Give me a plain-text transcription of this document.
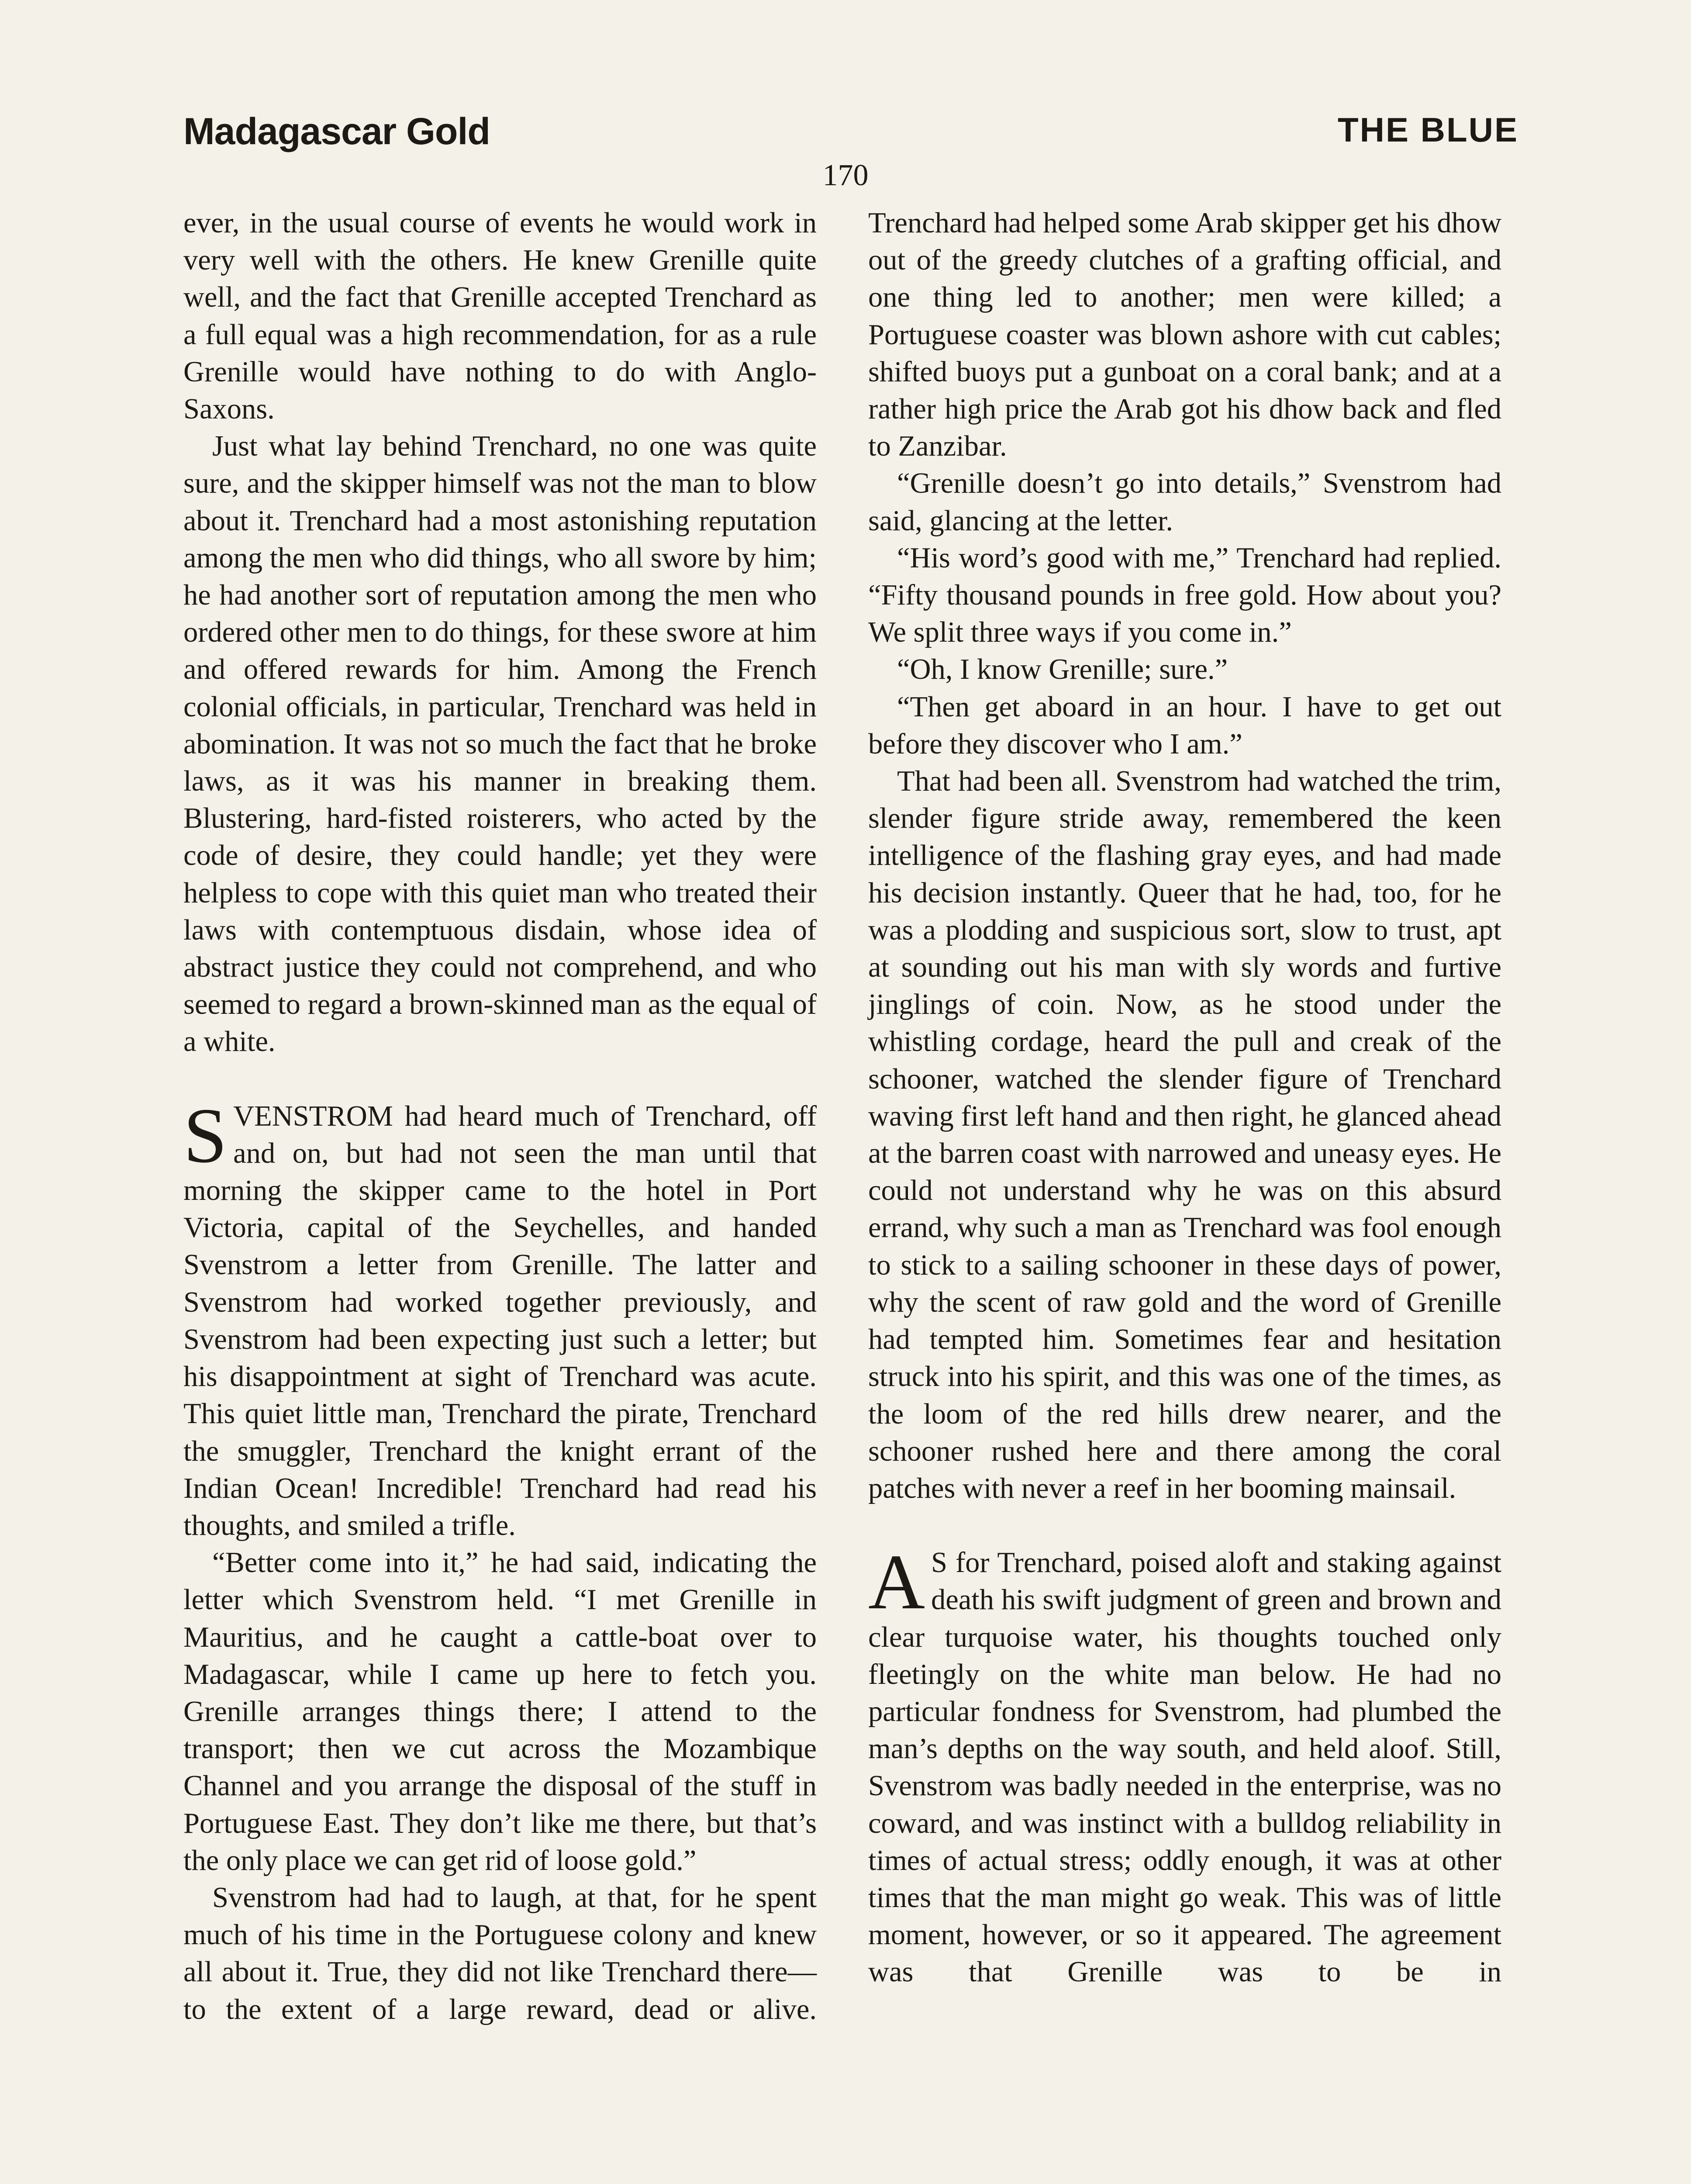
Madagascar Gold	THE BLUE
170

ever, in the usual course of events he would work in very well with the others. He knew Grenille quite well, and the fact that Grenille accepted Trenchard as a full equal was a high recommendation, for as a rule Grenille would have nothing to do with Anglo-Saxons.

Just what lay behind Trenchard, no one was quite sure, and the skipper himself was not the man to blow about it. Trenchard had a most astonishing reputation among the men who did things, who all swore by him; he had another sort of reputation among the men who ordered other men to do things, for these swore at him and offered rewards for him. Among the French colonial officials, in particular, Trenchard was held in abomination. It was not so much the fact that he broke laws, as it was his manner in breaking them. Blustering, hard-fisted roisterers, who acted by the code of desire, they could handle; yet they were helpless to cope with this quiet man who treated their laws with contemptuous disdain, whose idea of abstract justice they could not comprehend, and who seemed to regard a brown-skinned man as the equal of a white.

SVENSTROM had heard much of Trenchard, off and on, but had not seen the man until that morning the skipper came to the hotel in Port Victoria, capital of the Seychelles, and handed Svenstrom a letter from Grenille. The latter and Svenstrom had worked together previously, and Svenstrom had been expecting just such a letter; but his disappointment at sight of Trenchard was acute. This quiet little man, Trenchard the pirate, Trenchard the smuggler, Trenchard the knight errant of the Indian Ocean! Incredible! Trenchard had read his thoughts, and smiled a trifle.

“Better come into it,” he had said, indicating the letter which Svenstrom held. “I met Grenille in Mauritius, and he caught a cattle-boat over to Madagascar, while I came up here to fetch you. Grenille arranges things there; I attend to the transport; then we cut across the Mozambique Channel and you arrange the disposal of the stuff in Portuguese East. They don’t like me there, but that’s the only place we can get rid of loose gold.”

Svenstrom had had to laugh, at that, for he spent much of his time in the Portuguese colony and knew all about it. True, they did not like Trenchard there—to the extent of a large reward, dead or alive.

Trenchard had helped some Arab skipper get his dhow out of the greedy clutches of a grafting official, and one thing led to another; men were killed; a Portuguese coaster was blown ashore with cut cables; shifted buoys put a gunboat on a coral bank; and at a rather high price the Arab got his dhow back and fled to Zanzibar.

“Grenille doesn’t go into details,” Svenstrom had said, glancing at the letter.

“His word’s good with me,” Trenchard had replied. “Fifty thousand pounds in free gold. How about you? We split three ways if you come in.”

“Oh, I know Grenille; sure.”

“Then get aboard in an hour. I have to get out before they discover who I am.”

That had been all. Svenstrom had watched the trim, slender figure stride away, remembered the keen intelligence of the flashing gray eyes, and had made his decision instantly. Queer that he had, too, for he was a plodding and suspicious sort, slow to trust, apt at sounding out his man with sly words and furtive jinglings of coin. Now, as he stood under the whistling cordage, heard the pull and creak of the schooner, watched the slender figure of Trenchard waving first left hand and then right, he glanced ahead at the barren coast with narrowed and uneasy eyes. He could not understand why he was on this absurd errand, why such a man as Trenchard was fool enough to stick to a sailing schooner in these days of power, why the scent of raw gold and the word of Grenille had tempted him. Sometimes fear and hesitation struck into his spirit, and this was one of the times, as the loom of the red hills drew nearer, and the schooner rushed here and there among the coral patches with never a reef in her booming mainsail.

A S for Trenchard, poised aloft and staking against death his swift judgment of green and brown and clear turquoise water, his thoughts touched only fleetingly on the white man below. He had no particular fondness for Svenstrom, had plumbed the man’s depths on the way south, and held aloof. Still, Svenstrom was badly needed in the enterprise, was no coward, and was instinct with a bulldog reliability in times of actual stress; oddly enough, it was at other times that the man might go weak. This was of little moment, however, or so it appeared. The agreement was that Grenille was to be in
